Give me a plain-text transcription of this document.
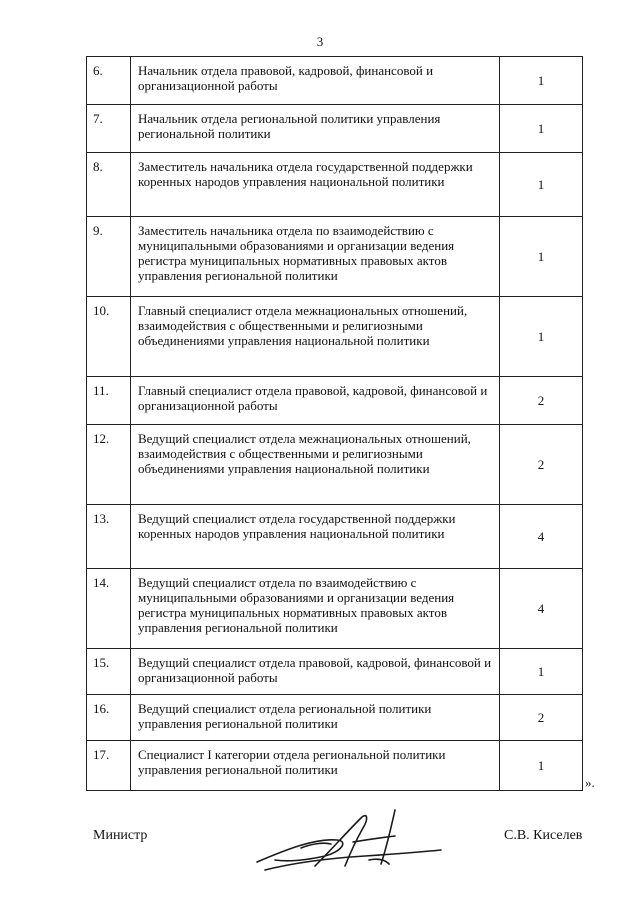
3
6.	Начальник отдела правовой, кадровой, финансовой и организационной работы	1
7.	Начальник отдела региональной политики управления региональной политики	1
8.	Заместитель начальника отдела государственной поддержки коренных народов управления национальной политики	1
9.	Заместитель начальника отдела по взаимодействию с муниципальными образованиями и организации ведения регистра муниципальных нормативных правовых актов управления региональной политики	1
10.	Главный специалист отдела межнациональных отношений, взаимодействия с общественными и религиозными объединениями управления национальной политики	1
11.	Главный специалист отдела правовой, кадровой, финансовой и организационной работы	2
12.	Ведущий специалист отдела межнациональных отношений, взаимодействия с общественными и религиозными объединениями управления национальной политики	2
13.	Ведущий специалист отдела государственной поддержки коренных народов управления национальной политики	4
14.	Ведущий специалист отдела по взаимодействию с муниципальными образованиями и организации ведения регистра муниципальных нормативных правовых актов управления региональной политики	4
15.	Ведущий специалист отдела правовой, кадровой, финансовой и организационной работы	1
16.	Ведущий специалист отдела региональной политики управления региональной политики	2
17.	Специалист I категории отдела региональной политики управления региональной политики	1
».
Министр	С.В. Киселев
